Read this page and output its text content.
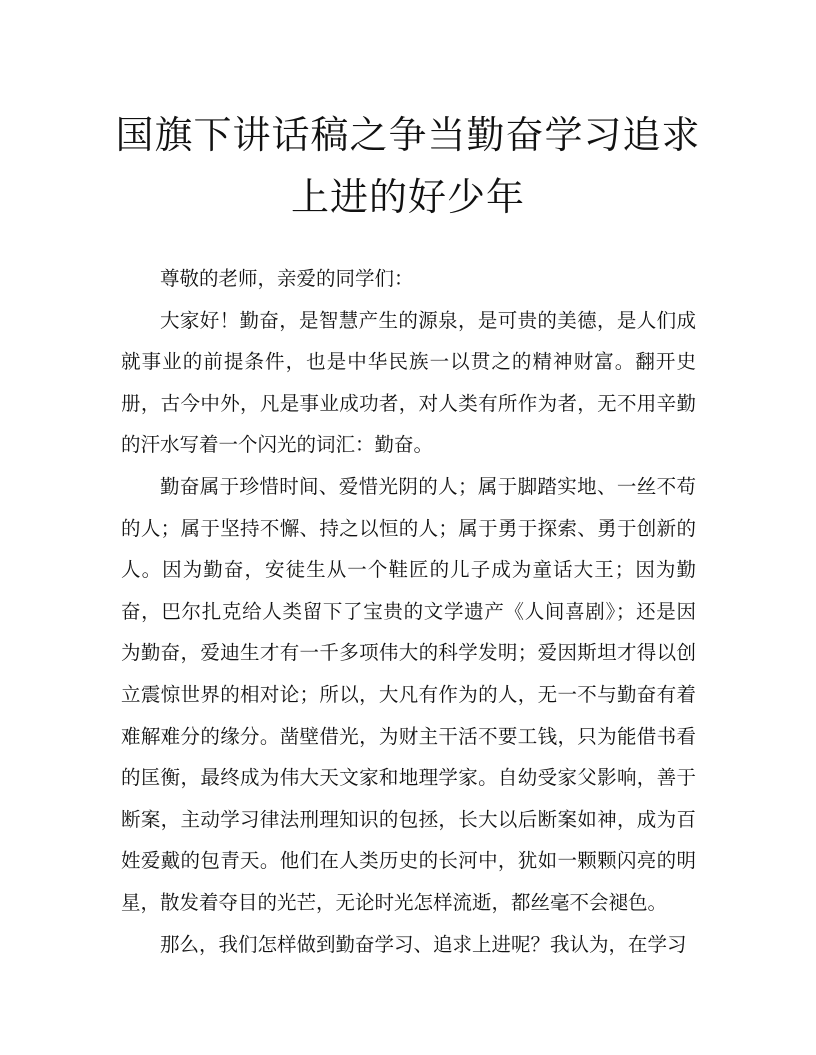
国旗下讲话稿之争当勤奋学习追求上进的好少年

尊敬的老师，亲爱的同学们：

大家好！勤奋，是智慧产生的源泉，是可贵的美德，是人们成就事业的前提条件，也是中华民族一以贯之的精神财富。翻开史册，古今中外，凡是事业成功者，对人类有所作为者，无不用辛勤的汗水写着一个闪光的词汇：勤奋。

勤奋属于珍惜时间、爱惜光阴的人；属于脚踏实地、一丝不苟的人；属于坚持不懈、持之以恒的人；属于勇于探索、勇于创新的人。因为勤奋，安徒生从一个鞋匠的儿子成为童话大王；因为勤奋，巴尔扎克给人类留下了宝贵的文学遗产《人间喜剧》；还是因为勤奋，爱迪生才有一千多项伟大的科学发明；爱因斯坦才得以创立震惊世界的相对论；所以，大凡有作为的人，无一不与勤奋有着难解难分的缘分。凿壁借光，为财主干活不要工钱，只为能借书看的匡衡，最终成为伟大天文家和地理学家。自幼受家父影响，善于断案，主动学习律法刑理知识的包拯，长大以后断案如神，成为百姓爱戴的包青天。他们在人类历史的长河中，犹如一颗颗闪亮的明星，散发着夺目的光芒，无论时光怎样流逝，都丝毫不会褪色。

那么，我们怎样做到勤奋学习、追求上进呢？我认为，在学习
